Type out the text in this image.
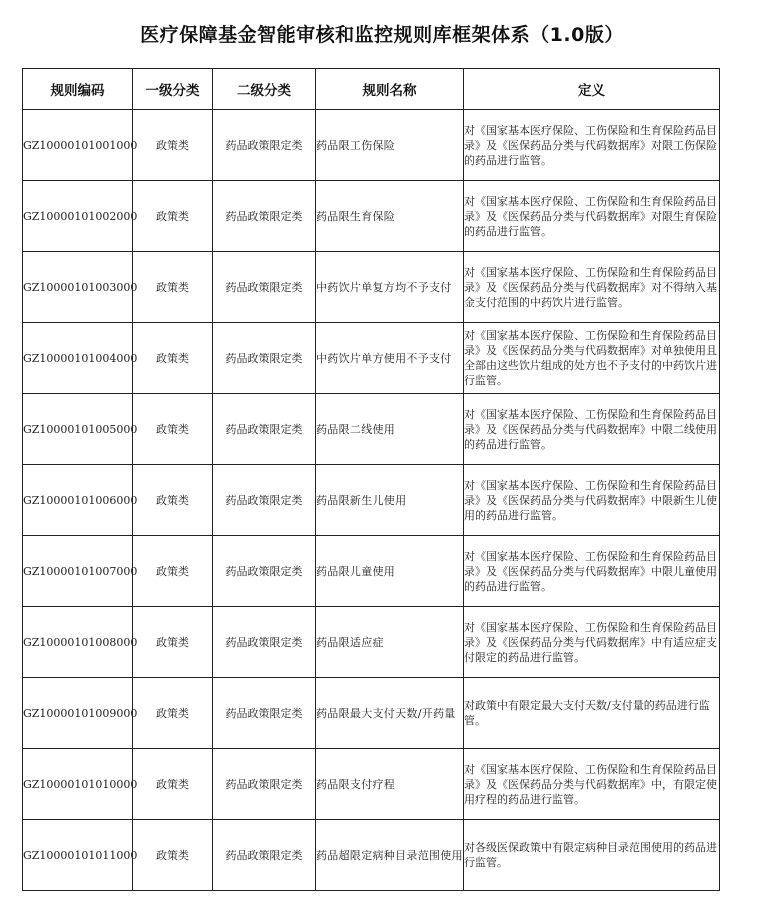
医疗保障基金智能审核和监控规则库框架体系（1.0版）
规则编码	一级分类	二级分类	规则名称	定义
GZ10000101001000	政策类	药品政策限定类	药品限工伤保险	对《国家基本医疗保险、工伤保险和生育保险药品目录》及《医保药品分类与代码数据库》对限工伤保险的药品进行监管。
GZ10000101002000	政策类	药品政策限定类	药品限生育保险	对《国家基本医疗保险、工伤保险和生育保险药品目录》及《医保药品分类与代码数据库》对限生育保险的药品进行监管。
GZ10000101003000	政策类	药品政策限定类	中药饮片单复方均不予支付	对《国家基本医疗保险、工伤保险和生育保险药品目录》及《医保药品分类与代码数据库》对不得纳入基金支付范围的中药饮片进行监管。
GZ10000101004000	政策类	药品政策限定类	中药饮片单方使用不予支付	对《国家基本医疗保险、工伤保险和生育保险药品目录》及《医保药品分类与代码数据库》对单独使用且全部由这些饮片组成的处方也不予支付的中药饮片进行监管。
GZ10000101005000	政策类	药品政策限定类	药品限二线使用	对《国家基本医疗保险、工伤保险和生育保险药品目录》及《医保药品分类与代码数据库》中限二线使用的药品进行监管。
GZ10000101006000	政策类	药品政策限定类	药品限新生儿使用	对《国家基本医疗保险、工伤保险和生育保险药品目录》及《医保药品分类与代码数据库》中限新生儿使用的药品进行监管。
GZ10000101007000	政策类	药品政策限定类	药品限儿童使用	对《国家基本医疗保险、工伤保险和生育保险药品目录》及《医保药品分类与代码数据库》中限儿童使用的药品进行监管。
GZ10000101008000	政策类	药品政策限定类	药品限适应症	对《国家基本医疗保险、工伤保险和生育保险药品目录》及《医保药品分类与代码数据库》中有适应症支付限定的药品进行监管。
GZ10000101009000	政策类	药品政策限定类	药品限最大支付天数/开药量	对政策中有限定最大支付天数/支付量的药品进行监管。
GZ10000101010000	政策类	药品政策限定类	药品限支付疗程	对《国家基本医疗保险、工伤保险和生育保险药品目录》及《医保药品分类与代码数据库》中，有限定使用疗程的药品进行监管。
GZ10000101011000	政策类	药品政策限定类	药品超限定病种目录范围使用	对各级医保政策中有限定病种目录范围使用的药品进行监管。
